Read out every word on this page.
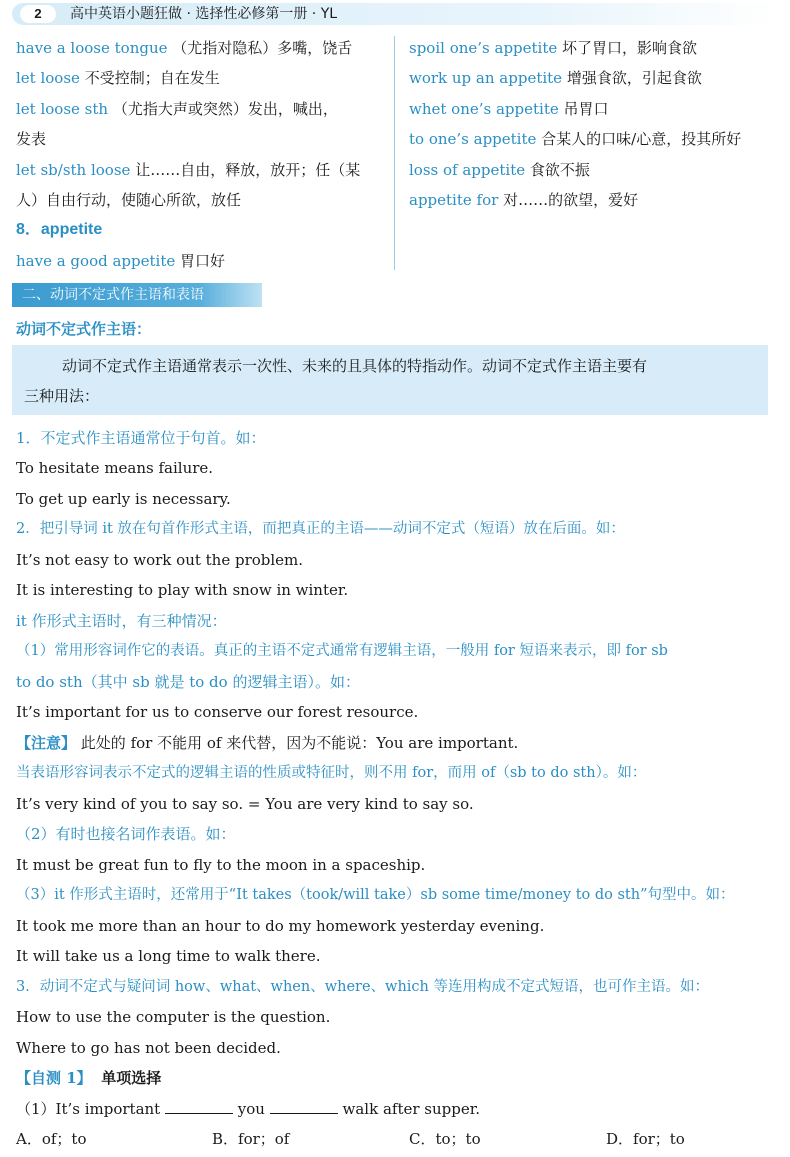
2	高中英语小题狂做 · 选择性必修第一册 · YL
have a loose tongue （尤指对隐私）多嘴，饶舌
let loose 不受控制；自在发生
let loose sth （尤指大声或突然）发出，喊出，
发表
let sb/sth loose 让……自由，释放，放开；任（某
人）自由行动，使随心所欲，放任
8．appetite
have a good appetite 胃口好
spoil one’s appetite 坏了胃口，影响食欲
work up an appetite 增强食欲，引起食欲
whet one’s appetite 吊胃口
to one’s appetite 合某人的口味/心意，投其所好
loss of appetite 食欲不振
appetite for 对……的欲望，爱好
二、动词不定式作主语和表语
动词不定式作主语：
动词不定式作主语通常表示一次性、未来的且具体的特指动作。动词不定式作主语主要有
三种用法：
1．不定式作主语通常位于句首。如：
To hesitate means failure.
To get up early is necessary.
2．把引导词 it 放在句首作形式主语，而把真正的主语——动词不定式（短语）放在后面。如：
It’s not easy to work out the problem.
It is interesting to play with snow in winter.
it 作形式主语时，有三种情况：
（1）常用形容词作它的表语。真正的主语不定式通常有逻辑主语，一般用 for 短语来表示，即 for sb
to do sth（其中 sb 就是 to do 的逻辑主语）。如：
It’s important for us to conserve our forest resource.
【注意】 此处的 for 不能用 of 来代替，因为不能说：You are important.
当表语形容词表示不定式的逻辑主语的性质或特征时，则不用 for，而用 of（sb to do sth）。如：
It’s very kind of you to say so. = You are very kind to say so.
（2）有时也接名词作表语。如：
It must be great fun to fly to the moon in a spaceship.
（3）it 作形式主语时，还常用于“It takes（took/will take）sb some time/money to do sth”句型中。如：
It took me more than an hour to do my homework yesterday evening.
It will take us a long time to walk there.
3．动词不定式与疑问词 how、what、when、where、which 等连用构成不定式短语，也可作主语。如：
How to use the computer is the question.
Where to go has not been decided.
【自测 1】 单项选择
（1）It’s important	you	walk after supper.
A．of；to	B．for；of	C．to；to	D．for；to
